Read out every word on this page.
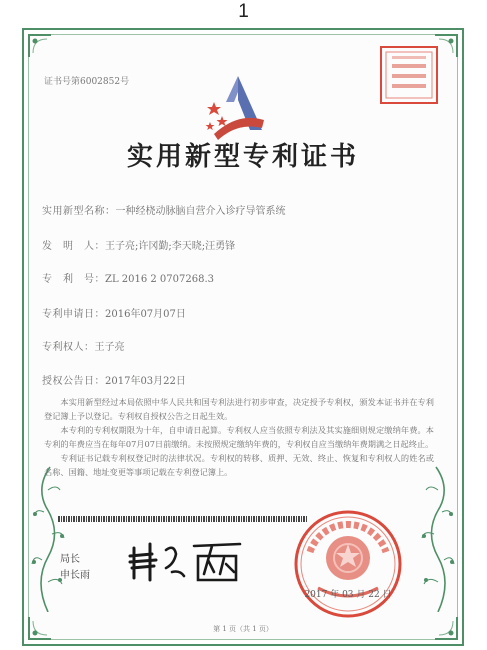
1
证书号第6002852号
实用新型专利证书
实用新型名称：一种经桡动脉脑自营介入诊疗导管系统
发　明　人：王子亮;许冈勤;李天晓;汪勇锋
专　利　号：ZL 2016 2 0707268.3
专利申请日：2016年07月07日
专利权人：王子亮
授权公告日：2017年03月22日

本实用新型经过本局依照中华人民共和国专利法进行初步审查，决定授予专利权，颁发本证书并在专利登记簿上予以登记。专利权自授权公告之日起生效。

本专利的专利权期限为十年，自申请日起算。专利权人应当依照专利法及其实施细则规定缴纳年费。本专利的年费应当在每年07月07日前缴纳。未按照规定缴纳年费的，专利权自应当缴纳年费期满之日起终止。

专利证书记载专利权登记时的法律状况。专利权的转移、质押、无效、终止、恢复和专利权人的姓名或名称、国籍、地址变更等事项记载在专利登记簿上。

局长
申长雨
2017 年 03 月 22 日
第 1 页（共 1 页）
